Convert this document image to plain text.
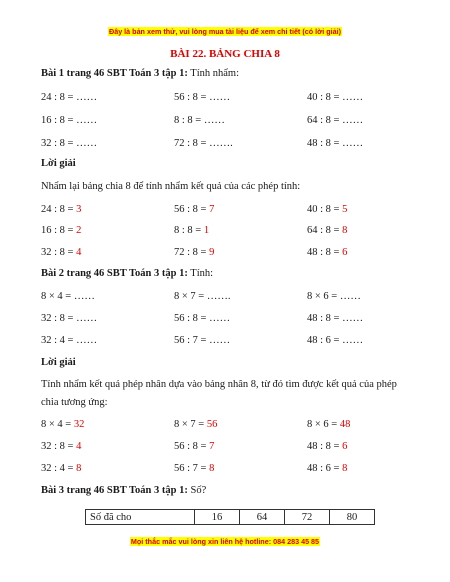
Đây là bản xem thử, vui lòng mua tài liệu để xem chi tiết (có lời giải)
BÀI 22. BẢNG CHIA 8
Bài 1 trang 46 SBT Toán 3 tập 1: Tính nhẩm:
24 : 8 = ……	56 : 8 = ……	40 : 8 = ……
16 : 8 = ……	8 : 8 = ……	64 : 8 = ……
32 : 8 = ……	72 : 8 = …….	48 : 8 = ……
Lời giải
Nhẩm lại bảng chia 8 để tính nhẩm kết quả của các phép tính:
24 : 8 = 3	56 : 8 = 7	40 : 8 = 5
16 : 8 = 2	8 : 8 = 1	64 : 8 = 8
32 : 8 = 4	72 : 8 = 9	48 : 8 = 6
Bài 2 trang 46 SBT Toán 3 tập 1: Tính:
8 × 4 = ……	8 × 7 = …….	8 × 6 = ……
32 : 8 = ……	56 : 8 = ……	48 : 8 = ……
32 : 4 = ……	56 : 7 = ……	48 : 6 = ……
Lời giải
Tính nhẩm kết quả phép nhân dựa vào bảng nhân 8, từ đó tìm được kết quả của phép
chia tương ứng:
8 × 4 = 32	8 × 7 = 56	8 × 6 = 48
32 : 8 = 4	56 : 8 = 7	48 : 8 = 6
32 : 4 = 8	56 : 7 = 8	48 : 6 = 8
Bài 3 trang 46 SBT Toán 3 tập 1: Số?
Số đã cho	16	64	72	80
Mọi thắc mắc vui lòng xin liên hệ hotline: 084 283 45 85
